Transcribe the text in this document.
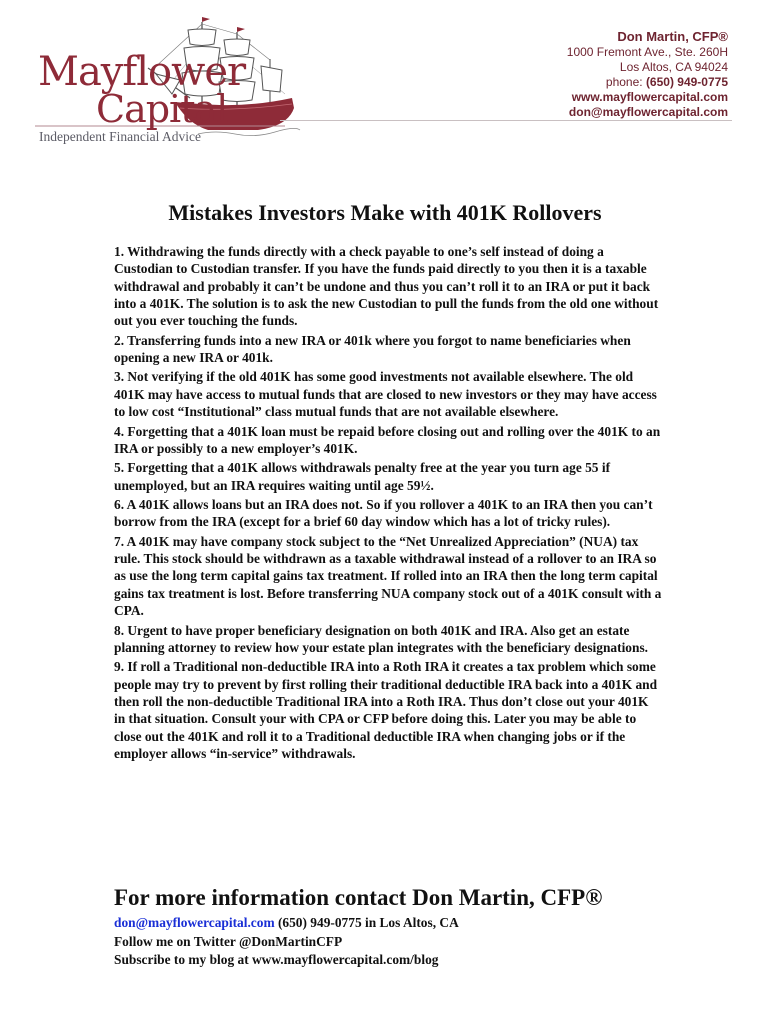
Mayflower
Capital
Independent Financial Advice
Don Martin, CFP®
1000 Fremont Ave., Ste. 260H
Los Altos, CA 94024
phone: (650) 949-0775
www.mayflowercapital.com
don@mayflowercapital.com
Mistakes Investors Make with 401K Rollovers

1. Withdrawing the funds directly with a check payable to one’s self instead of doing a Custodian to Custodian transfer. If you have the funds paid directly to you then it is a taxable withdrawal and probably it can’t be undone and thus you can’t roll it to an IRA or put it back into a 401K. The solution is to ask the new Custodian to pull the funds from the old one without out you ever touching the funds.

2. Transferring funds into a new IRA or 401k where you forgot to name beneficiaries when opening a new IRA or 401k.

3. Not verifying if the old 401K has some good investments not available elsewhere. The old 401K may have access to mutual funds that are closed to new investors or they may have access to low cost “Institutional” class mutual funds that are not available elsewhere.

4. Forgetting that a 401K loan must be repaid before closing out and rolling over the 401K to an IRA or possibly to a new employer’s 401K.

5. Forgetting that a 401K allows withdrawals penalty free at the year you turn age 55 if unemployed, but an IRA requires waiting until age 59½.

6. A 401K allows loans but an IRA does not. So if you rollover a 401K to an IRA then you can’t borrow from the IRA (except for a brief 60 day window which has a lot of tricky rules).

7. A 401K may have company stock subject to the “Net Unrealized Appreciation” (NUA) tax rule. This stock should be withdrawn as a taxable withdrawal instead of a rollover to an IRA so as use the long term capital gains tax treatment. If rolled into an IRA then the long term capital gains tax treatment is lost. Before transferring NUA company stock out of a 401K consult with a CPA.

8. Urgent to have proper beneficiary designation on both 401K and IRA. Also get an estate planning attorney to review how your estate plan integrates with the beneficiary designations.

9. If roll a Traditional non-deductible IRA into a Roth IRA it creates a tax problem which some people may try to prevent by first rolling their traditional deductible IRA back into a 401K and then roll the non-deductible Traditional IRA into a Roth IRA. Thus don’t close out your 401K in that situation. Consult your with CPA or CFP before doing this. Later you may be able to close out the 401K and roll it to a Traditional deductible IRA when changing jobs or if the employer allows “in-service” withdrawals.

For more information contact Don Martin, CFP®
don@mayflowercapital.com (650) 949-0775 in Los Altos, CA
Follow me on Twitter @DonMartinCFP
Subscribe to my blog at www.mayflowercapital.com/blog
